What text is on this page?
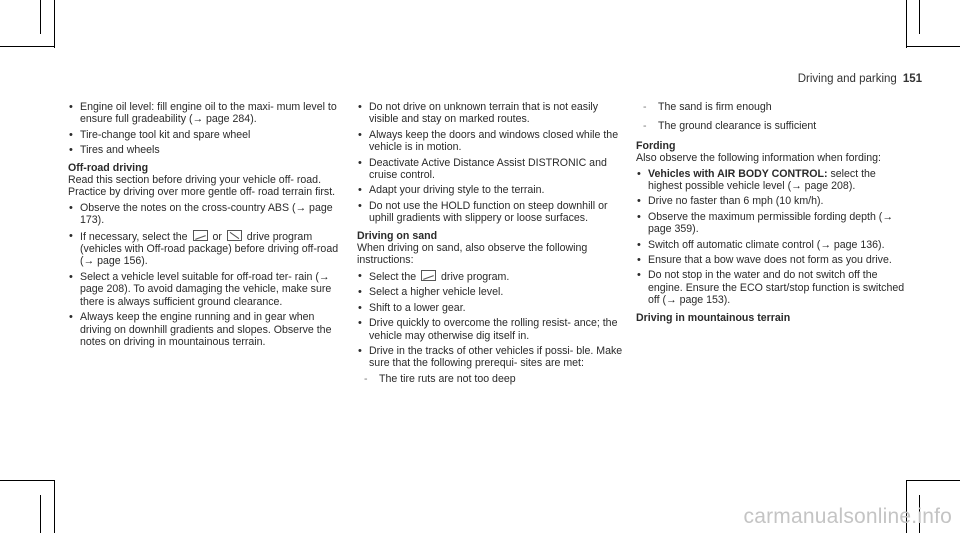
Driving and parking 151
• Engine oil level: fill engine oil to the maxi- mum level to ensure full gradeability (→ page 284).
• Tire-change tool kit and spare wheel
• Tires and wheels
Off-road driving
Read this section before driving your vehicle off- road. Practice by driving over more gentle off- road terrain first.
• Observe the notes on the cross-country ABS (→ page 173).
• If necessary, select the or drive program (vehicles with Off-road package) before driving off-road (→ page 156).
• Select a vehicle level suitable for off-road ter- rain (→ page 208). To avoid damaging the vehicle, make sure there is always sufficient ground clearance.
• Always keep the engine running and in gear when driving on downhill gradients and slopes. Observe the notes on driving in mountainous terrain.
• Do not drive on unknown terrain that is not easily visible and stay on marked routes.
• Always keep the doors and windows closed while the vehicle is in motion.
• Deactivate Active Distance Assist DISTRONIC and cruise control.
• Adapt your driving style to the terrain.
• Do not use the HOLD function on steep downhill or uphill gradients with slippery or loose surfaces.
Driving on sand
When driving on sand, also observe the following instructions:
• Select the drive program.
• Select a higher vehicle level.
• Shift to a lower gear.
• Drive quickly to overcome the rolling resist- ance; the vehicle may otherwise dig itself in.
• Drive in the tracks of other vehicles if possi- ble. Make sure that the following prerequi- sites are met:
- The tire ruts are not too deep
- The sand is firm enough
- The ground clearance is sufficient
Fording
Also observe the following information when fording:
• Vehicles with AIR BODY CONTROL: select the highest possible vehicle level (→ page 208).
• Drive no faster than 6 mph (10 km/h).
• Observe the maximum permissible fording depth (→ page 359).
• Switch off automatic climate control (→ page 136).
• Ensure that a bow wave does not form as you drive.
• Do not stop in the water and do not switch off the engine. Ensure the ECO start/stop function is switched off (→ page 153).
Driving in mountainous terrain
carmanualsonline.info
